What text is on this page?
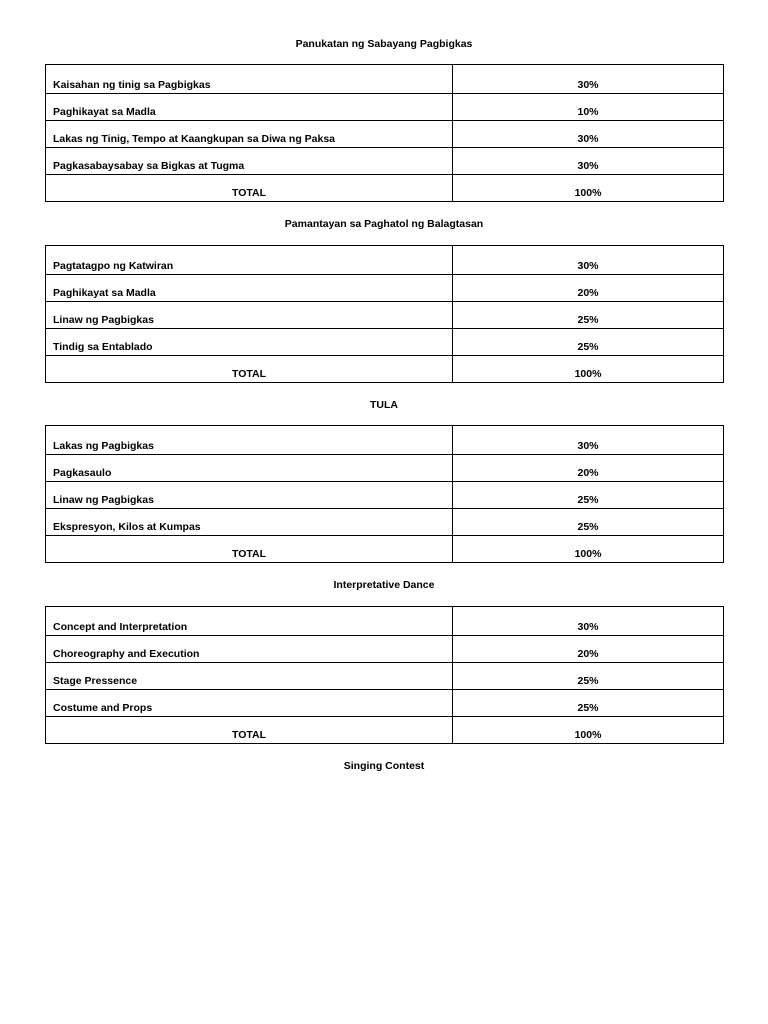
Panukatan ng Sabayang Pagbigkas
Kaisahan ng tinig sa Pagbigkas	30%
Paghikayat sa Madla	10%
Lakas ng Tinig, Tempo at Kaangkupan sa Diwa ng Paksa	30%
Pagkasabaysabay sa Bigkas at Tugma	30%
TOTAL	100%
Pamantayan sa Paghatol ng Balagtasan
Pagtatagpo ng Katwiran	30%
Paghikayat sa Madla	20%
Linaw ng Pagbigkas	25%
Tindig sa Entablado	25%
TOTAL	100%
TULA
Lakas ng Pagbigkas	30%
Pagkasaulo	20%
Linaw ng Pagbigkas	25%
Ekspresyon, Kilos at Kumpas	25%
TOTAL	100%
Interpretative Dance
Concept and Interpretation	30%
Choreography and Execution	20%
Stage Pressence	25%
Costume and Props	25%
TOTAL	100%
Singing Contest
